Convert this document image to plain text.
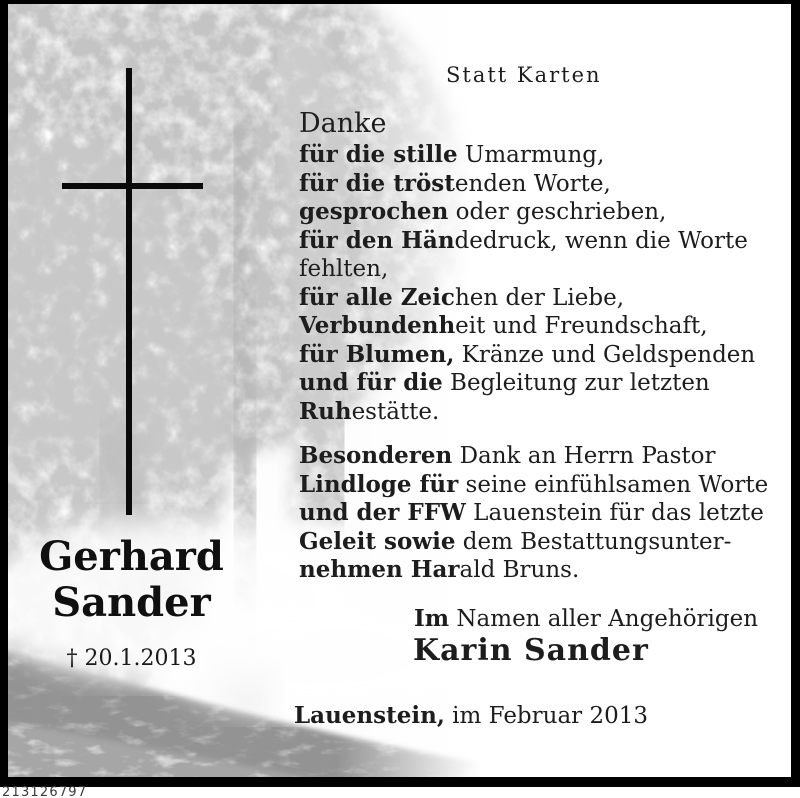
Statt Karten
Danke
für die stille Umarmung,
für die tröstenden Worte,
gesprochen oder geschrieben,
für den Händedruck, wenn die Worte
fehlten,
für alle Zeichen der Liebe,
Verbundenheit und Freundschaft,
für Blumen, Kränze und Geldspenden
und für die Begleitung zur letzten
Ruhestätte.
Besonderen Dank an Herrn Pastor
Lindloge für seine einfühlsamen Worte
und der FFW Lauenstein für das letzte
Geleit sowie dem Bestattungsunter-
nehmen Harald Bruns.
Im Namen aller Angehörigen
Karin Sander
Lauenstein, im Februar 2013
Gerhard
Sander
† 20.1.2013
213126797
